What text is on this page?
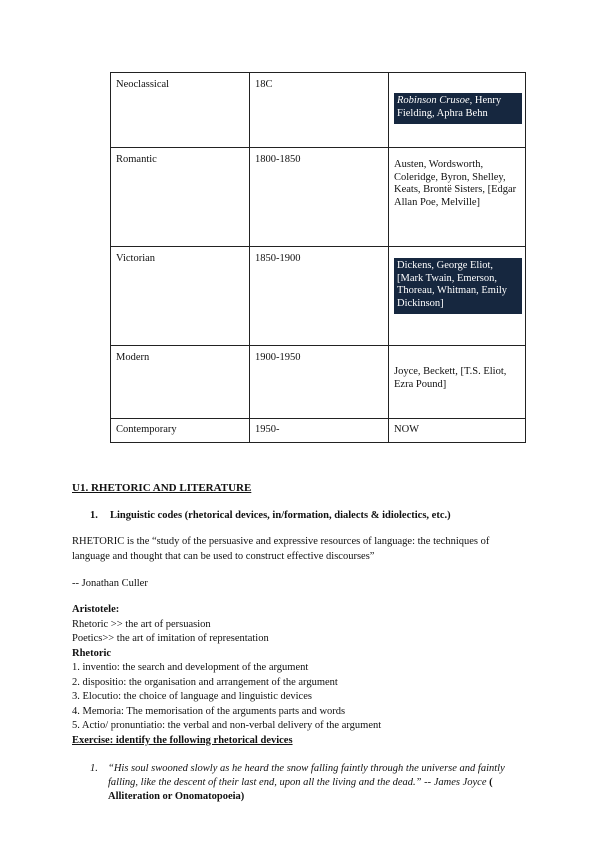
Neoclassical	18C	Robinson Crusoe, Henry Fielding, Aphra Behn

Romantic	1800-1850	Austen, Wordsworth, Coleridge, Byron, Shelley, Keats, Brontë Sisters, [Edgar Allan Poe, Melville]
Victorian	1850-1900	Dickens, George Eliot, [Mark Twain, Emerson, Thoreau, Whitman, Emily Dickinson]

Modern	1900-1950	Joyce, Beckett, [T.S. Eliot, Ezra Pound]
Contemporary	1950-	NOW
U1. RHETORIC AND LITERATURE
1. Linguistic codes (rhetorical devices, in/formation, dialects & idiolectics, etc.)
RHETORIC is the “study of the persuasive and expressive resources of language: the techniques of language and thought that can be used to construct effective discourses”
-- Jonathan Culler
Aristotele:
Rhetoric >> the art of persuasion
Poetics>> the art of imitation of representation
Rhetoric
1. inventio: the search and development of the argument
2. dispositio: the organisation and arrangement of the argument
3. Elocutio: the choice of language and linguistic devices
4. Memoria: The memorisation of the arguments parts and words
5. Actio/ pronuntiatio: the verbal and non-verbal delivery of the argument
Exercise: identify the following rhetorical devices
1. “His soul swooned slowly as he heard the snow falling faintly through the universe and faintly falling, like the descent of their last end, upon all the living and the dead.” -- James Joyce ( Alliteration or Onomatopoeia)
